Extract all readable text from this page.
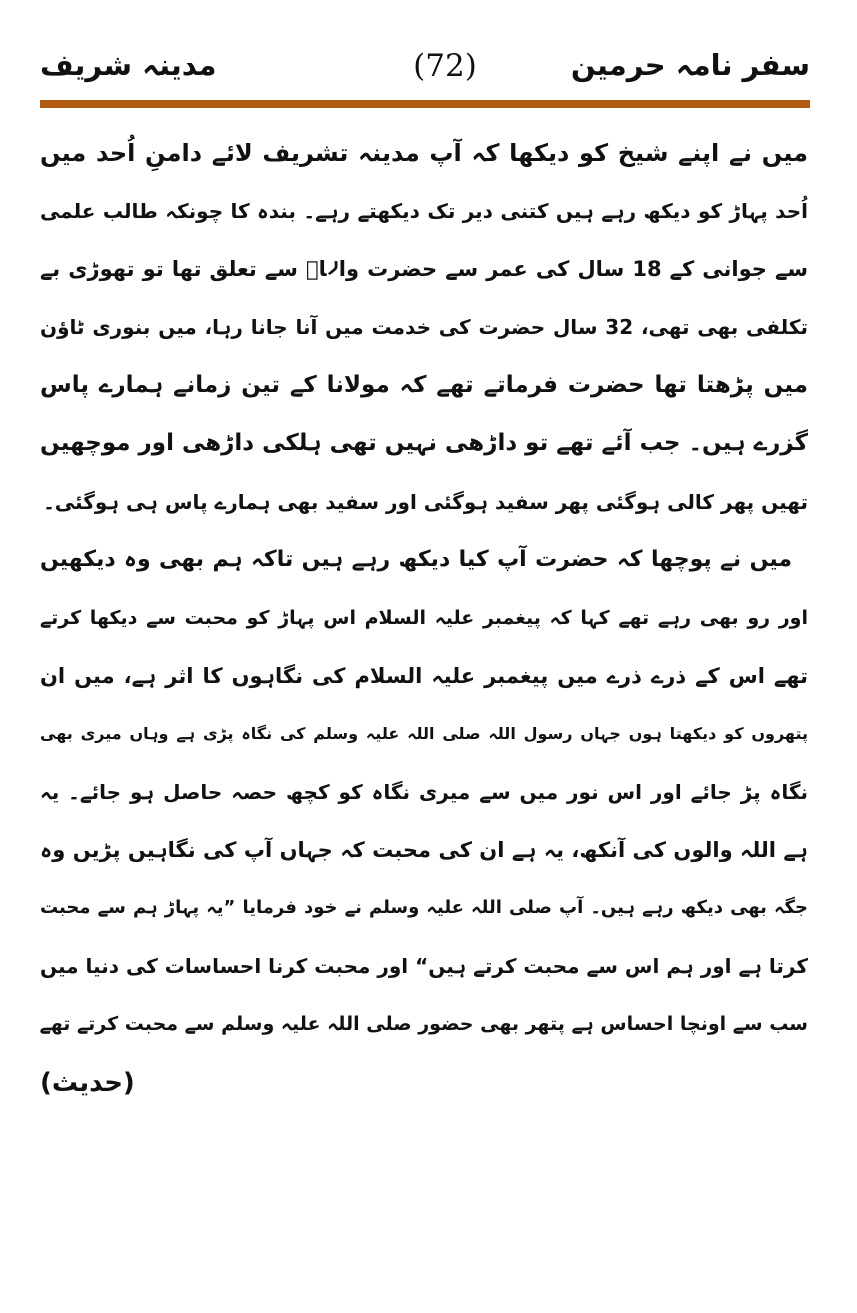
سفر نامہ حرمین
(72)
مدینہ شریف
میں نے اپنے شیخ کو دیکھا کہ آپ مدینہ تشریف لائے دامنِ اُحد میں
اُحد پہاڑ کو دیکھ رہے ہیں کتنی دیر تک دیکھتے رہے۔ بندہ کا چونکہ طالب علمی
سے جوانی کے 18 سال کی عمر سے حضرت والاؒ سے تعلق تھا تو تھوڑی بے
تکلفی بھی تھی، 32 سال حضرت کی خدمت میں آنا جانا رہا، میں بنوری ٹاؤن
میں پڑھتا تھا حضرت فرماتے تھے کہ مولانا کے تین زمانے ہمارے پاس
گزرے ہیں۔ جب آئے تھے تو داڑھی نہیں تھی ہلکی داڑھی اور موچھیں
تھیں پھر کالی ہوگئی پھر سفید ہوگئی اور سفید بھی ہمارے پاس ہی ہوگئی۔
میں نے پوچھا کہ حضرت آپ کیا دیکھ رہے ہیں تاکہ ہم بھی وہ دیکھیں
اور رو بھی رہے تھے کہا کہ پیغمبر علیہ السلام اس پہاڑ کو محبت سے دیکھا کرتے
تھے اس کے ذرے ذرے میں پیغمبر علیہ السلام کی نگاہوں کا اثر ہے، میں ان
پتھروں کو دیکھتا ہوں جہاں رسول اللہ صلی اللہ علیہ وسلم کی نگاہ پڑی ہے وہاں میری بھی
نگاہ پڑ جائے اور اس نور میں سے میری نگاہ کو کچھ حصہ حاصل ہو جائے۔ یہ
ہے اللہ والوں کی آنکھ، یہ ہے ان کی محبت کہ جہاں آپ کی نگاہیں پڑیں وہ
جگہ بھی دیکھ رہے ہیں۔ آپ صلی اللہ علیہ وسلم نے خود فرمایا ”یہ پہاڑ ہم سے محبت
کرتا ہے اور ہم اس سے محبت کرتے ہیں“ اور محبت کرنا احساسات کی دنیا میں
سب سے اونچا احساس ہے پتھر بھی حضور صلی اللہ علیہ وسلم سے محبت کرتے تھے
(حدیث)
